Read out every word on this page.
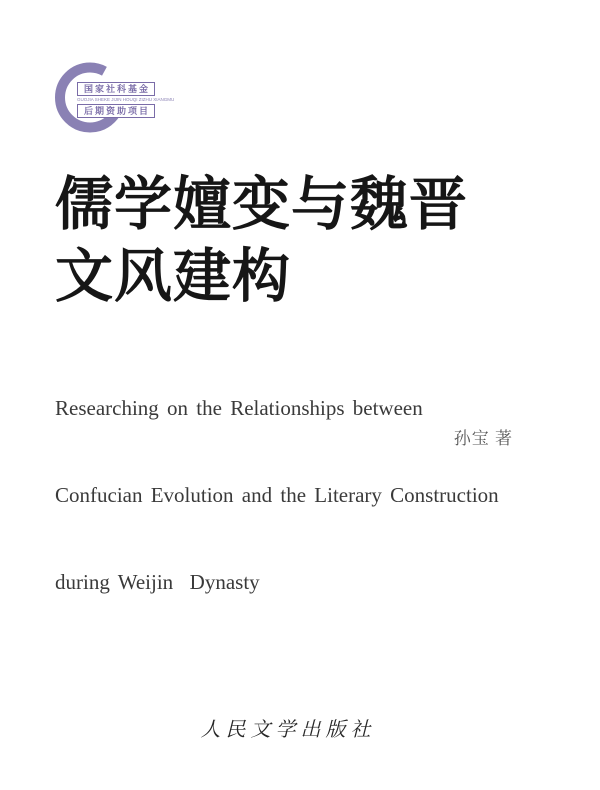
国家社科基金
GUOJIA SHEKE JIJIN HOUQI ZIZHU XIANGMU
后期资助项目
儒学嬗变与魏晋
文风建构

Researching on the Relationships between

Confucian Evolution and the Literary Construction

during Weijin  Dynasty

孙宝 著
人民文学出版社
